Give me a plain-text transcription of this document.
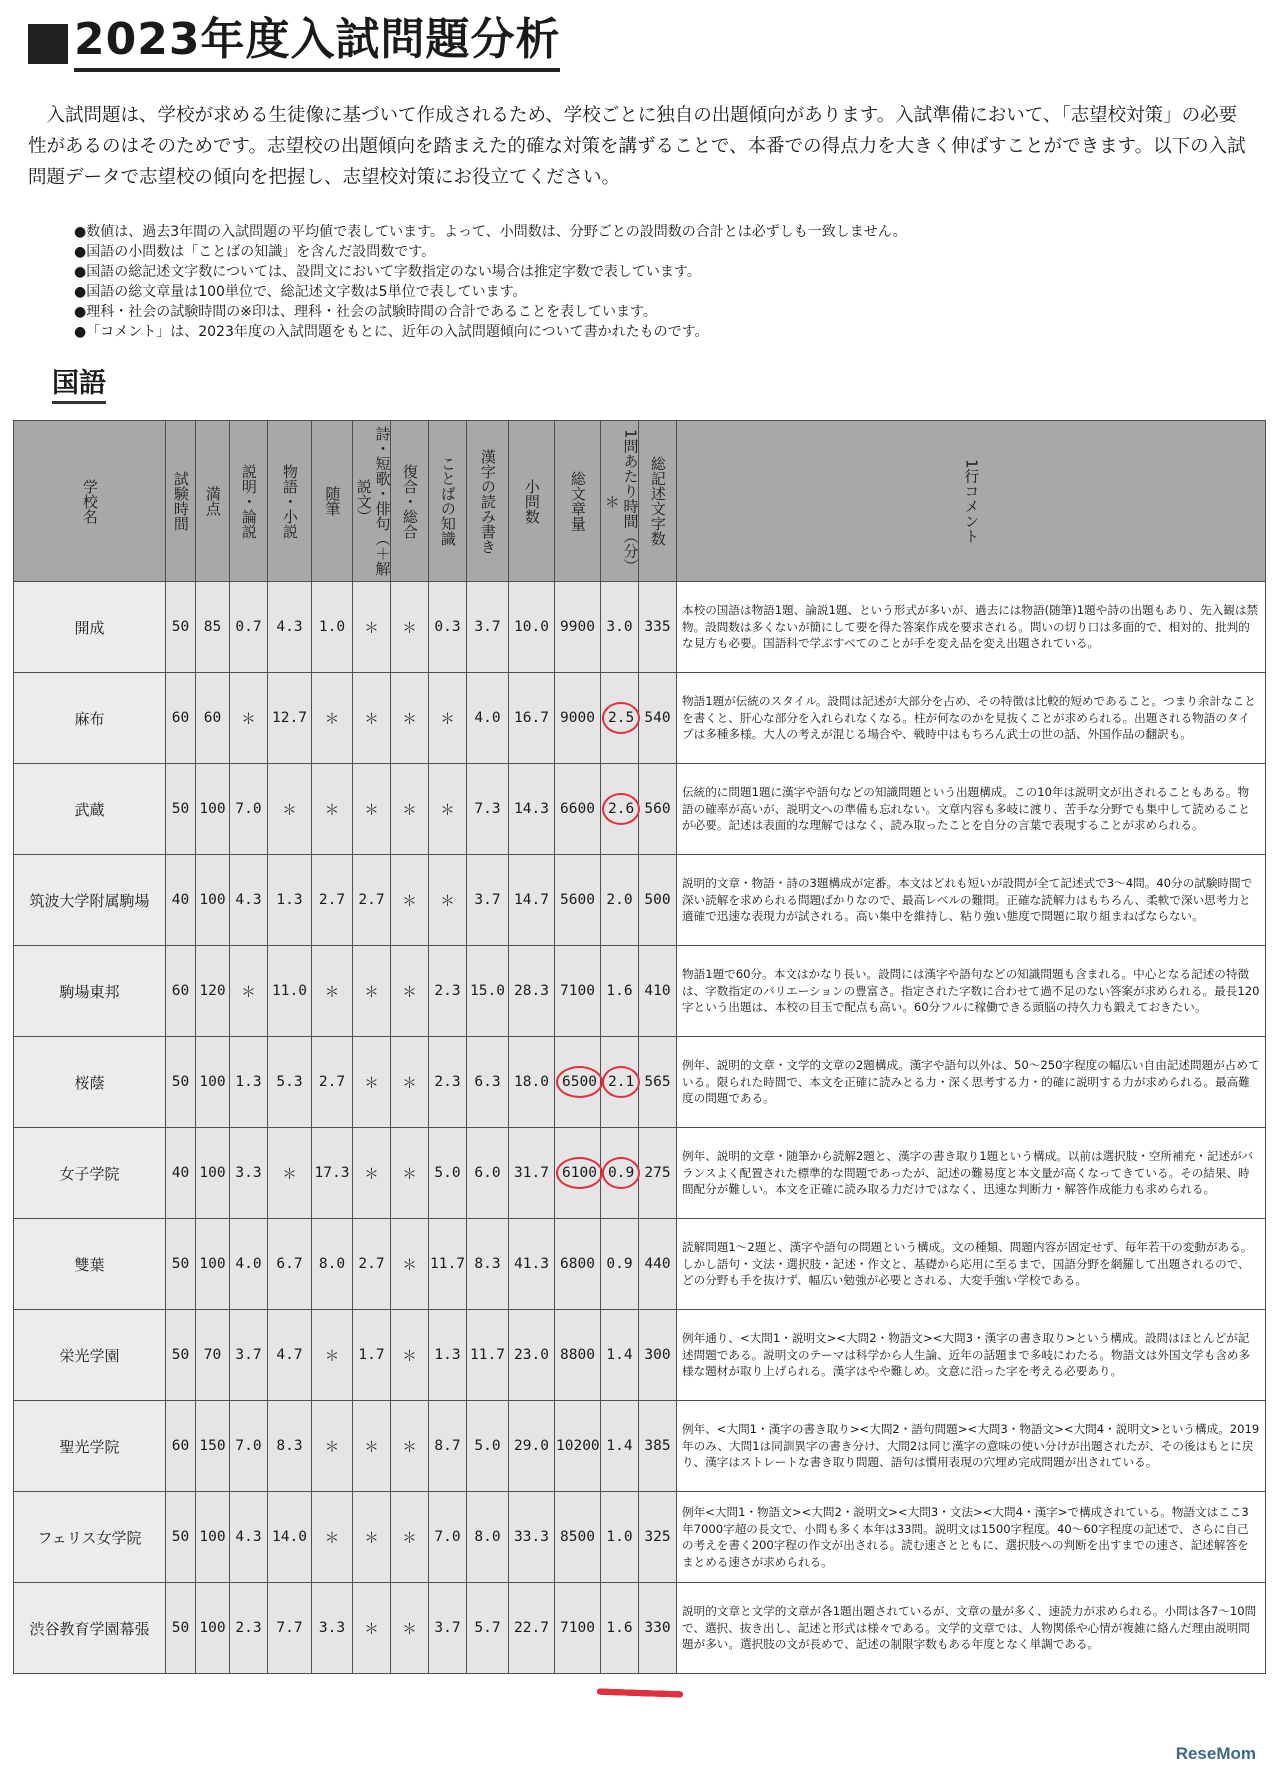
2023年度入試問題分析
入試問題は、学校が求める生徒像に基づいて作成されるため、学校ごとに独自の出題傾向があります。入試準備において、「志望校対策」の必要性があるのはそのためです。志望校の出題傾向を踏まえた的確な対策を講ずることで、本番での得点力を大きく伸ばすことができます。以下の入試問題データで志望校の傾向を把握し、志望校対策にお役立てください。
● 数値は、過去3年間の入試問題の平均値で表しています。よって、小問数は、分野ごとの設問数の合計とは必ずしも一致しません。
● 国語の小問数は「ことばの知識」を含んだ設問数です。
● 国語の総記述文字数については、設問文において字数指定のない場合は推定字数で表しています。
● 国語の総文章量は100単位で、総記述文字数は5単位で表しています。
● 理科・社会の試験時間の※印は、理科・社会の試験時間の合計であることを表しています。
● 「コメント」は、2023年度の入試問題をもとに、近年の入試問題傾向について書かれたものです。
国語
学校名	試験時間	満点	説明・論説	物語・小説	随筆	詩・短歌・俳句（＋解説文）	復合・総合	ことばの知識	漢字の読み書き	小問数	総文章量	1問あたり時間（分）＊	総記述文字数	1行コメント

開成	50	85	0.7	4.3	1.0	＊	＊	0.3	3.7	10.0	9900	3.0	335	本校の国語は物語1題、論説1題、という形式が多いが、過去には物語(随筆)1題や詩の出題もあり、先入観は禁物。設問数は多くないが簡にして要を得た答案作成を要求される。問いの切り口は多面的で、相対的、批判的な見方も必要。国語科で学ぶすべてのことが手を変え品を変え出題されている。
麻布	60	60	＊	12.7	＊	＊	＊	＊	4.0	16.7	9000	2.5	540	物語1題が伝統のスタイル。設問は記述が大部分を占め、その特徴は比較的短めであること。つまり余計なことを書くと、肝心な部分を入れられなくなる。柱が何なのかを見抜くことが求められる。出題される物語のタイプは多種多様。大人の考えが混じる場合や、戦時中はもちろん武士の世の話、外国作品の翻訳も。
武蔵	50	100	7.0	＊	＊	＊	＊	＊	7.3	14.3	6600	2.6	560	伝統的に問題1題に漢字や語句などの知識問題という出題構成。この10年は説明文が出されることもある。物語の確率が高いが、説明文への準備も忘れない。文章内容も多岐に渡り、苦手な分野でも集中して読めることが必要。記述は表面的な理解ではなく、読み取ったことを自分の言葉で表現することが求められる。
筑波大学附属駒場	40	100	4.3	1.3	2.7	2.7	＊	＊	3.7	14.7	5600	2.0	500	説明的文章・物語・詩の3題構成が定番。本文はどれも短いが設問が全て記述式で3～4問。40分の試験時間で深い読解を求められる問題ばかりなので、最高レベルの難問。正確な読解力はもちろん、柔軟で深い思考力と適確で迅速な表現力が試される。高い集中を維持し、粘り強い態度で問題に取り組まねばならない。
駒場東邦	60	120	＊	11.0	＊	＊	＊	2.3	15.0	28.3	7100	1.6	410	物語1題で60分。本文はかなり長い。設問には漢字や語句などの知識問題も含まれる。中心となる記述の特徴は、字数指定のバリエーションの豊富さ。指定された字数に合わせて過不足のない答案が求められる。最長120字という出題は、本校の目玉で配点も高い。60分フルに稼働できる頭脳の持久力も鍛えておきたい。
桜蔭	50	100	1.3	5.3	2.7	＊	＊	2.3	6.3	18.0	6500	2.1	565	例年、説明的文章・文学的文章の2題構成。漢字や語句以外は、50～250字程度の幅広い自由記述問題が占めている。限られた時間で、本文を正確に読みとる力・深く思考する力・的確に説明する力が求められる。最高難度の問題である。
女子学院	40	100	3.3	＊	17.3	＊	＊	5.0	6.0	31.7	6100	0.9	275	例年、説明的文章・随筆から読解2題と、漢字の書き取り1題という構成。以前は選択肢・空所補充・記述がバランスよく配置された標準的な問題であったが、記述の難易度と本文量が高くなってきている。その結果、時間配分が難しい。本文を正確に読み取る力だけではなく、迅速な判断力・解答作成能力も求められる。
雙葉	50	100	4.0	6.7	8.0	2.7	＊	11.7	8.3	41.3	6800	0.9	440	読解問題1～2題と、漢字や語句の問題という構成。文の種類、問題内容が固定せず、毎年若干の変動がある。しかし語句・文法・選択肢・記述・作文と、基礎から応用に至るまで、国語分野を網羅して出題されるので、どの分野も手を抜けず、幅広い勉強が必要とされる、大変手強い学校である。
栄光学園	50	70	3.7	4.7	＊	1.7	＊	1.3	11.7	23.0	8800	1.4	300	例年通り、<大問1・説明文><大問2・物語文><大問3・漢字の書き取り>という構成。設問はほとんどが記述問題である。説明文のテーマは科学から人生論、近年の話題まで多岐にわたる。物語文は外国文学も含め多様な題材が取り上げられる。漢字はやや難しめ。文意に沿った字を考える必要あり。
聖光学院	60	150	7.0	8.3	＊	＊	＊	8.7	5.0	29.0	10200	1.4	385	例年、<大問1・漢字の書き取り><大問2・語句問題><大問3・物語文><大問4・説明文>という構成。2019年のみ、大問1は同訓異字の書き分け、大問2は同じ漢字の意味の使い分けが出題されたが、その後はもとに戻り、漢字はストレートな書き取り問題、語句は慣用表現の穴埋め完成問題が出されている。
フェリス女学院	50	100	4.3	14.0	＊	＊	＊	7.0	8.0	33.3	8500	1.0	325	例年<大問1・物語文><大問2・説明文><大問3・文法><大問4・漢字>で構成されている。物語文はここ3年7000字超の長文で、小問も多く本年は33問。説明文は1500字程度。40～60字程度の記述で、さらに自己の考えを書く200字程の作文が出される。読む速さとともに、選択肢への判断を出すまでの速さ、記述解答をまとめる速さが求められる。
渋谷教育学園幕張	50	100	2.3	7.7	3.3	＊	＊	3.7	5.7	22.7	7100	1.6	330	説明的文章と文学的文章が各1題出題されているが、文章の量が多く、速読力が求められる。小問は各7～10問で、選択、抜き出し、記述と形式は様々である。文学的文章では、人物関係や心情が複雑に絡んだ理由説明問題が多い。選択肢の文が長めで、記述の制限字数もある年度となく単調である。
ReseMom
